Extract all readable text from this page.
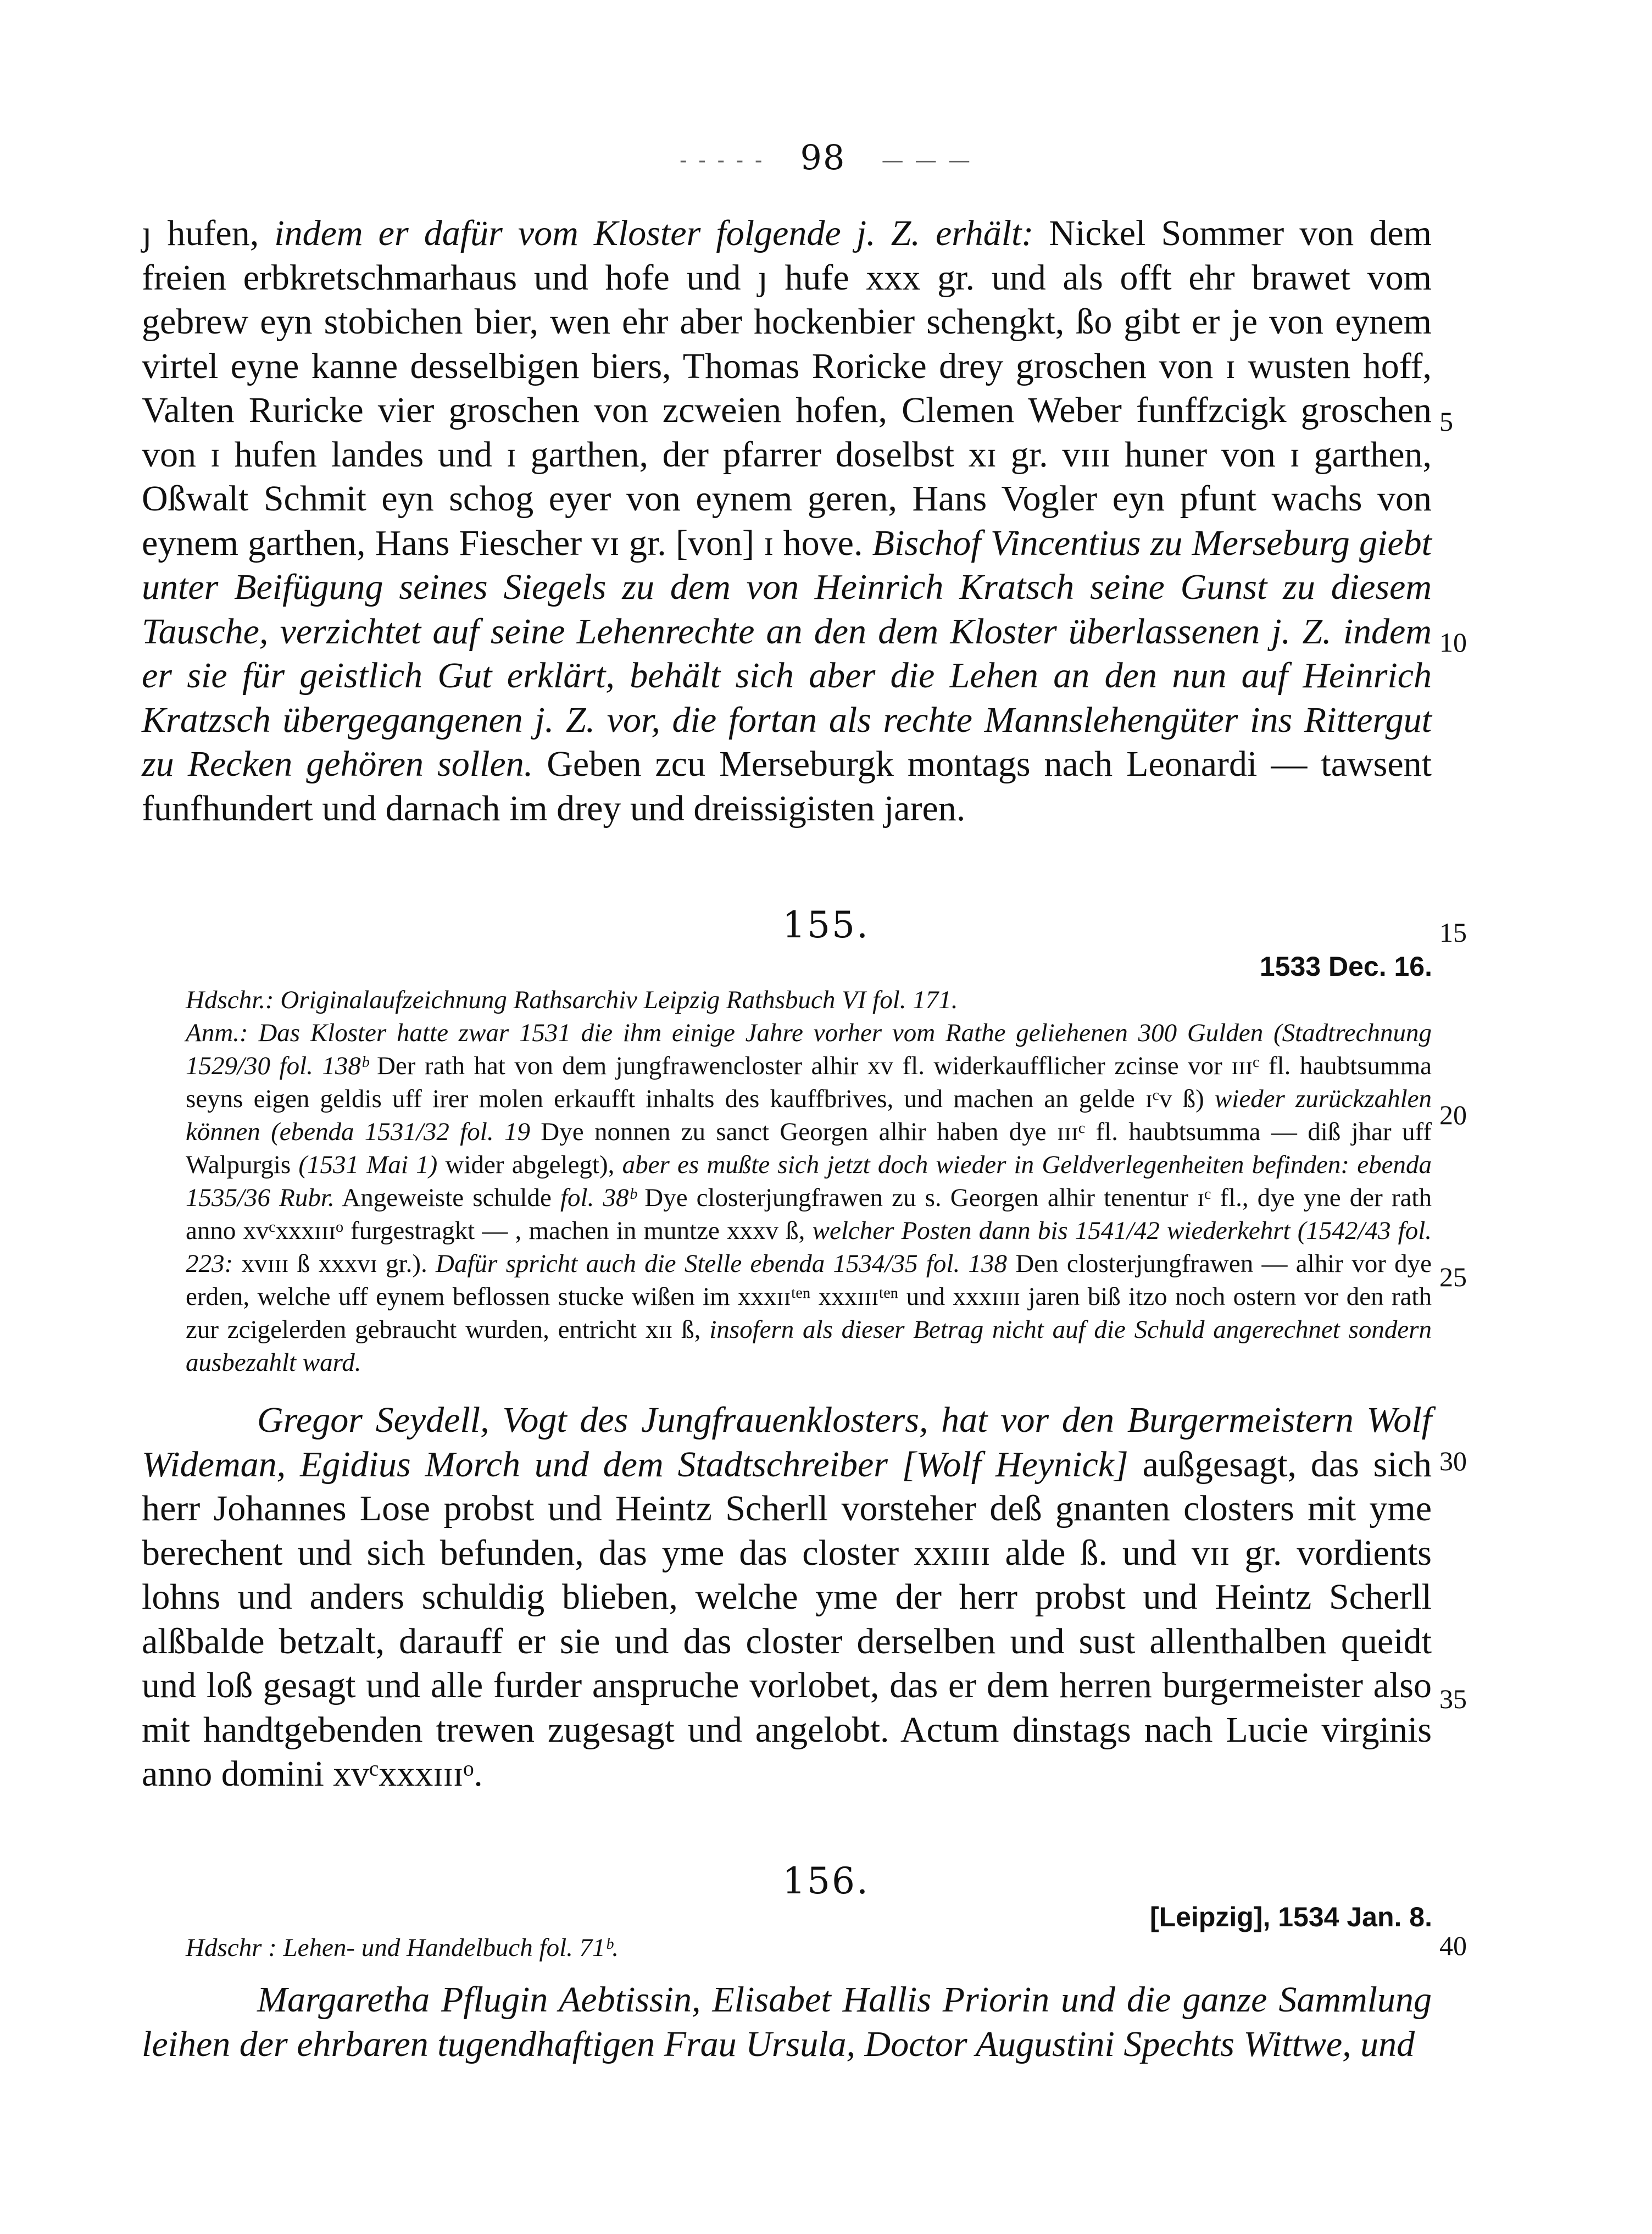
- - - - - 98 — — —

ȷ hufen, indem er dafür vom Kloster folgende j. Z. erhält: Nickel Sommer von dem freien erbkretschmarhaus und hofe und ȷ hufe xxx gr. und als offt ehr brawet vom gebrew eyn stobichen bier, wen ehr aber hockenbier schengkt, ßo gibt er je von eynem virtel eyne kanne desselbigen biers, Thomas Roricke drey groschen von ɪ wusten hoff, Valten Ruricke vier groschen von zcweien hofen, Clemen Weber funffzcigk groschen von ɪ hufen landes und ɪ garthen, der pfarrer doselbst xɪ gr. vɪɪɪ huner von ɪ garthen, Oßwalt Schmit eyn schog eyer von eynem geren, Hans Vogler eyn pfunt wachs von eynem garthen, Hans Fiescher vɪ gr. [von] ɪ hove. Bischof Vincentius zu Merseburg giebt unter Beifügung seines Siegels zu dem von Heinrich Kratsch seine Gunst zu diesem Tausche, verzichtet auf seine Lehenrechte an den dem Kloster überlassenen j. Z. indem er sie für geistlich Gut erklärt, behält sich aber die Lehen an den nun auf Heinrich Kratzsch übergegangenen j. Z. vor, die fortan als rechte Mannslehengüter ins Rittergut zu Recken gehören sollen. Geben zcu Merseburgk montags nach Leonardi — tawsent funfhundert und darnach im drey und dreissigisten jaren.

155.
1533 Dec. 16.

Hdschr.: Originalaufzeichnung Rathsarchiv Leipzig Rathsbuch VI fol. 171.

Anm.: Das Kloster hatte zwar 1531 die ihm einige Jahre vorher vom Rathe geliehenen 300 Gulden (Stadtrechnung 1529/30 fol. 138ᵇ Der rath hat von dem jungfrawencloster alhir xv fl. widerkaufflicher zcinse vor ɪɪɪᶜ fl. haubtsumma seyns eigen geldis uff irer molen erkaufft inhalts des kauffbrives, und machen an gelde ɪᶜv ß) wieder zurückzahlen können (ebenda 1531/32 fol. 19 Dye nonnen zu sanct Georgen alhir haben dye ɪɪɪᶜ fl. haubtsumma — diß jhar uff Walpurgis (1531 Mai 1) wider abgelegt), aber es mußte sich jetzt doch wieder in Geldverlegenheiten befinden: ebenda 1535/36 Rubr. Angeweiste schulde fol. 38ᵇ Dye closterjungfrawen zu s. Georgen alhir tenentur ɪᶜ fl., dye yne der rath anno xvᶜxxxɪɪɪᵒ furgestragkt — , machen in muntze xxxv ß, welcher Posten dann bis 1541/42 wiederkehrt (1542/43 fol. 223: xvɪɪɪ ß xxxvɪ gr.). Dafür spricht auch die Stelle ebenda 1534/35 fol. 138 Den closterjungfrawen — alhir vor dye erden, welche uff eynem beflossen stucke wißen im xxxɪɪᵗᵉⁿ xxxɪɪɪᵗᵉⁿ und xxxɪɪɪɪ jaren biß itzo noch ostern vor den rath zur zcigelerden gebraucht wurden, entricht xɪɪ ß, insofern als dieser Betrag nicht auf die Schuld angerechnet sondern ausbezahlt ward.

Gregor Seydell, Vogt des Jungfrauenklosters, hat vor den Burgermeistern Wolf Wideman, Egidius Morch und dem Stadtschreiber [Wolf Heynick] außgesagt, das sich herr Johannes Lose probst und Heintz Scherll vorsteher deß gnanten closters mit yme berechent und sich befunden, das yme das closter xxɪɪɪɪ alde ß. und vɪɪ gr. vordients lohns und anders schuldig blieben, welche yme der herr probst und Heintz Scherll alßbalde betzalt, darauff er sie und das closter derselben und sust allenthalben queidt und loß gesagt und alle furder anspruche vorlobet, das er dem herren burgermeister also mit handtgebenden trewen zugesagt und angelobt. Actum dinstags nach Lucie virginis anno domini xvᶜxxxɪɪɪᵒ.

156.
[Leipzig], 1534 Jan. 8.

Hdschr : Lehen- und Handelbuch fol. 71ᵇ.

Margaretha Pflugin Aebtissin, Elisabet Hallis Priorin und die ganze Sammlung leihen der ehrbaren tugendhaftigen Frau Ursula, Doctor Augustini Spechts Wittwe, und

5
10
15
20
25
30
35
40
